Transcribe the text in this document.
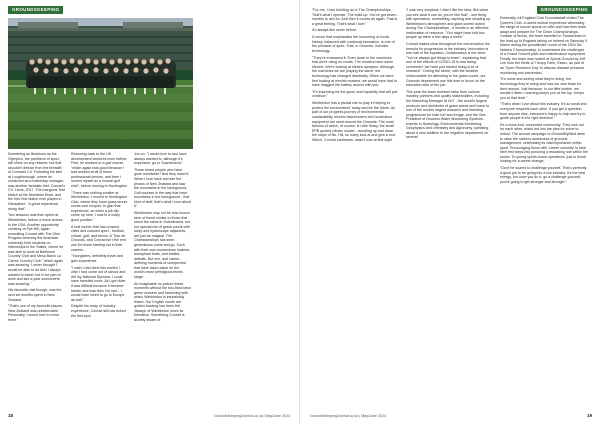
GROUNDSKEEPING

Something as illustrious as the Olympics, the pantheon of sport, will shine on any resume, but that shouldn't detract from the breadth of Conrad's CV. Following his stint at Loughborough, where he continued as a matchday manager, was another fantastic first. Conrad's CV: Lions, 2017. The inaugural Test Match at the Aberdeen Bowl, and the first Test Match ever played in Hampshire, "a great experience doing that".

Two seasons was then spent at Wimbledon, before a move across to the USA. Another opportunity courtesy of Pye Hill, again consulting Conrad with The Ohio Program whereby the American university held students on internships in the States, where he was able to work at Baltimore Country Club and Mesa Basin La Carme Country Club: "which again was amazing. I never thought I would be able to do this! I always wanted to travel, but to be part of, work and see a year somewhere was amazing."

His favourite visit though, was the next six months spent in New Zealand.

"That's one of my favourite places. New Zealand was unbelievable. Personally, I would love to move there."

Returning back to the UK development ventures even further. First, he worked on a golf course, "which again was good because I had worked at all of these professional venues, and then I moved myself as a normal golf club", before moving to Huntingdon.

"There was nothing smaller at Wimbledon. I moved to Huntingdon Club, where they have grass tennis courts and croquet, to gain that experience, so when a job did come up here, I was in a really good position."

A real runner that has crossed cities and crossed sport - football, cricket, golf, and tennis. A 'Tour de Grounds, and Conrad isn't the end one for those starting out in their careers.

"Youngsters, definitely travel and gain experience.

"I wish I had done this earlier! I wish I had come out of school and did my National Diploma. I could have travelled more. As I got older it was difficult because it became harder and was then I've lost... I would have loved to go to Europe as well."

Despite his array of industry experience, Conrad still has ticked the first spot

'em on. "I would love to and have always wanted to, although it's expensive, go to Scandinavia."

Those heard people who have gone worldwide? And they loved it. When I look back and see the photos of New Zealand and saw the mountains in the background, Golf courses in the way that have mountains in the background - that kind of stuff, that's what I love about it."

Wimbledon may not be now known here of forest similar to those that stood the same in Scandinavia, but our special mix of grass courts with lucky and hydroscape adjacents, are just as magical. The Championships has seen generations come and go, Such with their own momentous rivalries, triumphant feats, and battles-defeats. But one, and career-defining moments of unexpected that have taken place on the world's most prestigious tennis stage.

An imaginable no picture these moments without the two-fixed lawn green mowers and harrowing with which Wimbledon is intrinsically linked. Our English courts are golden backing has been the 'always' of Wimbledon since its formation. Something Conrad is acutely aware of.

18	GroundsKeepingJournal.co.uk | May/June 2024
GROUNDSKEEPING

"For me, I love building up to The Championships. That's what I operate. The build-up. You've got seven-months to aim for. And then it counts all again. That is a great feeling. That's what I love."

It's always like never before.

A venue that emphasises the honouring of iconic history, balanced with continual innovation, is one of the pinnacle of sport. That, in Grounds, includes technology.

"They've embraced it. Even down to the machines that we're using on courts. The mowers have some electric. We're looking at electric sprayers. Although the machines we are playing the same, the technology has changed drastically. When we were first looking at electric mowers, we would have had to have dragged the battery around with you.

"It's improving for the good, and hopefully that will just continue."

Wimbledon has a pivotal role to play in helping to protect the environment, today and for the future. As part of our progress journey of environmental sustainability, electric lawnmowers and horticulture equipment are used around the Grounds. The most famous of which, of course, is Little Noisy, the small EPB quoted robotic mower - trundling up and down the slope of No. Hill, so many look at and give a nod. Which, Conrad confesses, wasn't love at first sight.

"I was very sceptical. I didn't like the idea. But when you see what it can do, you're like that" - one thing with spectators, sunbathing, aspiring and showing up Wimbledon's atmosphere and giant-screen action during The Championships - it results in an effective reallocation of resource. "You might have told two people up there a few days a week."

Conrad makes clear throughout the conversation the formula for progression in the industry. Innovation is one half of the equation. Collaboration is the other. "You've always got things to learn", explaining that one of the effects of COVID-19 is now being connected "we have just started doing a lot of research". During the winter, with the weather unfavourable for attending to the grass courts, our Grounds department use this time to focus on the education side of the job.

This year the team received talks from various industry partners and quality stakeholders, including the Marketing Manager at DLF - the world's largest producer and distributor of grass seeds and home to one of the world's largest research and breeding programmes for both turf and forage, and the Vice President of Growers Water Monitoring Systems - experts in Hydrology, Environmental Monitoring, Geophysics and chemistry and Agronomy, speaking about a new addition to the irrigation department on several

Externally, All England Club Groundsstaff visited The Queen's Club. A useful mutual experience witnessing the range of soccer sports on offer and how their team adapt and prepare for The Clean Championships. Outside of tennis, the team travelled to Twickenham in the lead-up to England taking on Ireland on Saturday 9 March during the penultimate round of the 2024 Six Nations Championship, to understand the challenges of a Grand Ground pitch and maintenance equipment. Finally, the team was hosted at Sports Ground by Jeff Lee from the fields of Thrupp Farm, Essex, as part of an 'Open Research Day' to discuss disease pressure monitoring and prevention.

"It's come and seeing what they're doing, the technology they're using and how our own team for their annual. Just because, in our little bubble, we wouldn't listen. Learning keeps you at the top. Keeps you at that level."

"That's what I love about this industry. It's so small and everyone respects each other. If you get a question from anyone else, everyone's happy to help and try to guide people in the right direction."

It's a close-knit, connected community. They look out for each other, which led into the plea for some to unfold. The annual campaign of #SolvedByMind aims to raise the nation's awareness of grounds management, celebrating its vital importance within sport. Encouraging those with 'career curiosity' to take their first steps into pursuing a rewarding role within the sector. To young sports-home operatives, just to those looking for a career change.

"Don't be scared to challenge yourself. That's perfectly a good job to be going into a low industry. It's the best energy, but once you do it, go a challenge yourself; you're going to get stronger and stronger."

19
GroundsKeepingJournal.co.uk | May/June 2024
